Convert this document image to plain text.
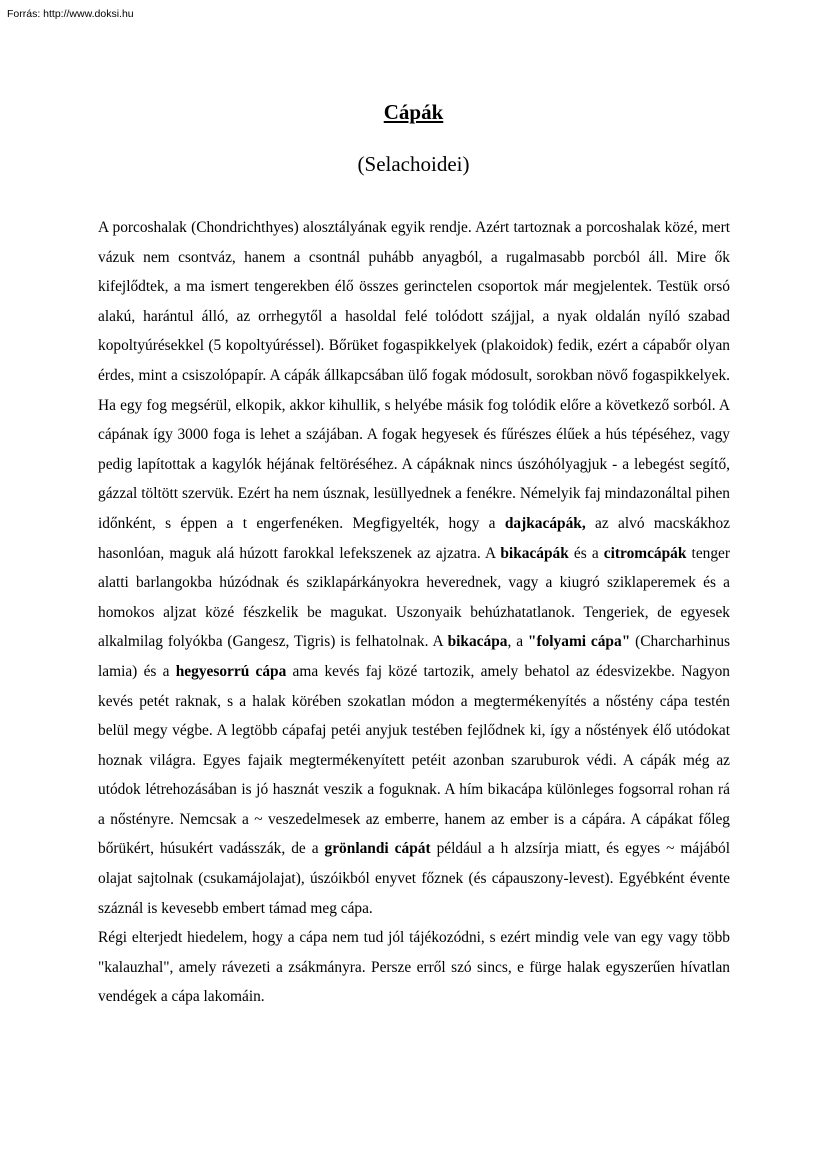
Forrás: http://www.doksi.hu
Cápák
(Selachoidei)

A porcoshalak (Chondrichthyes) alosztályának egyik rendje. Azért tartoznak a porcoshalak közé, mert vázuk nem csontváz, hanem a csontnál puhább anyagból, a rugalmasabb porcból áll. Mire ők kifejlődtek, a ma ismert tengerekben élő összes gerinctelen csoportok már megjelentek. Testük orsó alakú, harántul álló, az orrhegytől a hasoldal felé tolódott szájjal, a nyak oldalán nyíló szabad kopoltyúrésekkel (5 kopoltyúréssel). Bőrüket fogaspikkelyek (plakoidok) fedik, ezért a cápabőr olyan érdes, mint a csiszolópapír. A cápák állkapcsában ülő fogak módosult, sorokban növő fogaspikkelyek. Ha egy fog megsérül, elkopik, akkor kihullik, s helyébe másik fog tolódik előre a következő sorból. A cápának így 3000 foga is lehet a szájában. A fogak hegyesek és fűrészes élűek a hús tépéséhez, vagy pedig lapítottak a kagylók héjának feltöréséhez. A cápáknak nincs úszóhólyagjuk - a lebegést segítő, gázzal töltött szervük. Ezért ha nem úsznak, lesüllyednek a fenékre. Némelyik faj mindazonáltal pihen időnként, s éppen a t engerfenéken. Megfigyelték, hogy a dajkacápák, az alvó macskákhoz hasonlóan, maguk alá húzott farokkal lefekszenek az ajzatra. A bikacápák és a citromcápák tenger alatti barlangokba húzódnak és sziklapárkányokra heverednek, vagy a kiugró sziklaperemek és a homokos aljzat közé fészkelik be magukat. Uszonyaik behúzhatatlanok. Tengeriek, de egyesek alkalmilag folyókba (Gangesz, Tigris) is felhatolnak. A bikacápa, a "folyami cápa" (Charcharhinus lamia) és a hegyesorrú cápa ama kevés faj közé tartozik, amely behatol az édesvizekbe. Nagyon kevés petét raknak, s a halak körében szokatlan módon a megtermékenyítés a nőstény cápa testén belül megy végbe. A legtöbb cápafaj petéi anyjuk testében fejlődnek ki, így a nőstények élő utódokat hoznak világra. Egyes fajaik megtermékenyített petéit azonban szaruburok védi. A cápák még az utódok létrehozásában is jó hasznát veszik a foguknak. A hím bikacápa különleges fogsorral rohan rá a nőstényre. Nemcsak a ~ veszedelmesek az emberre, hanem az ember is a cápára. A cápákat főleg bőrükért, húsukért vadásszák, de a grönlandi cápát például a h alzsírja miatt, és egyes ~ májából olajat sajtolnak (csukamájolajat), úszóikból enyvet főznek (és cápauszony-levest). Egyébként évente száznál is kevesebb embert támad meg cápa.

Régi elterjedt hiedelem, hogy a cápa nem tud jól tájékozódni, s ezért mindig vele van egy vagy több "kalauzhal", amely rávezeti a zsákmányra. Persze erről szó sincs, e fürge halak egyszerűen hívatlan vendégek a cápa lakomáin.
